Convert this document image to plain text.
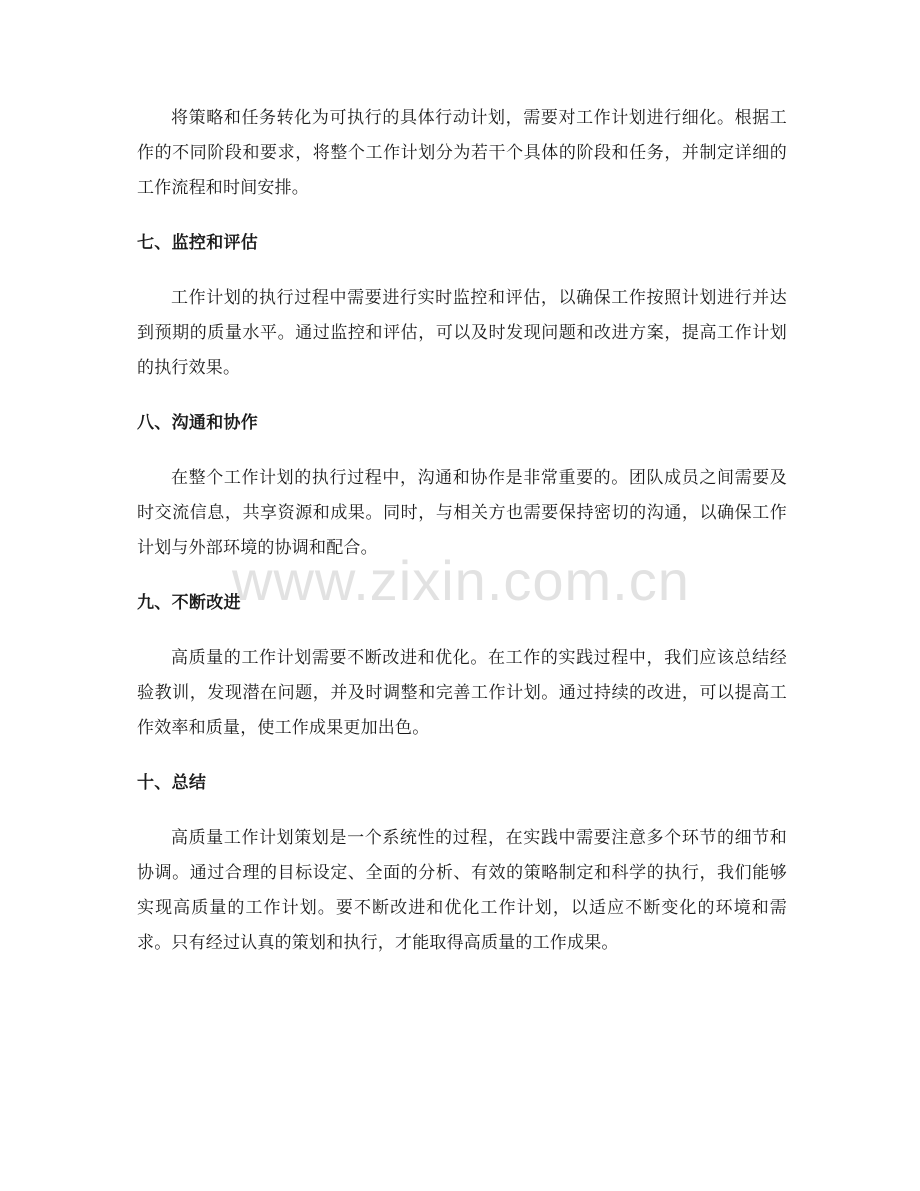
将策略和任务转化为可执行的具体行动计划，需要对工作计划进行细化。根据工作的不同阶段和要求，将整个工作计划分为若干个具体的阶段和任务，并制定详细的工作流程和时间安排。

七、监控和评估

工作计划的执行过程中需要进行实时监控和评估，以确保工作按照计划进行并达到预期的质量水平。通过监控和评估，可以及时发现问题和改进方案，提高工作计划的执行效果。

八、沟通和协作

在整个工作计划的执行过程中，沟通和协作是非常重要的。团队成员之间需要及时交流信息，共享资源和成果。同时，与相关方也需要保持密切的沟通，以确保工作计划与外部环境的协调和配合。

九、不断改进

高质量的工作计划需要不断改进和优化。在工作的实践过程中，我们应该总结经验教训，发现潜在问题，并及时调整和完善工作计划。通过持续的改进，可以提高工作效率和质量，使工作成果更加出色。

十、总结

高质量工作计划策划是一个系统性的过程，在实践中需要注意多个环节的细节和协调。通过合理的目标设定、全面的分析、有效的策略制定和科学的执行，我们能够实现高质量的工作计划。要不断改进和优化工作计划，以适应不断变化的环境和需求。只有经过认真的策划和执行，才能取得高质量的工作成果。

www.zixin.com.cn
